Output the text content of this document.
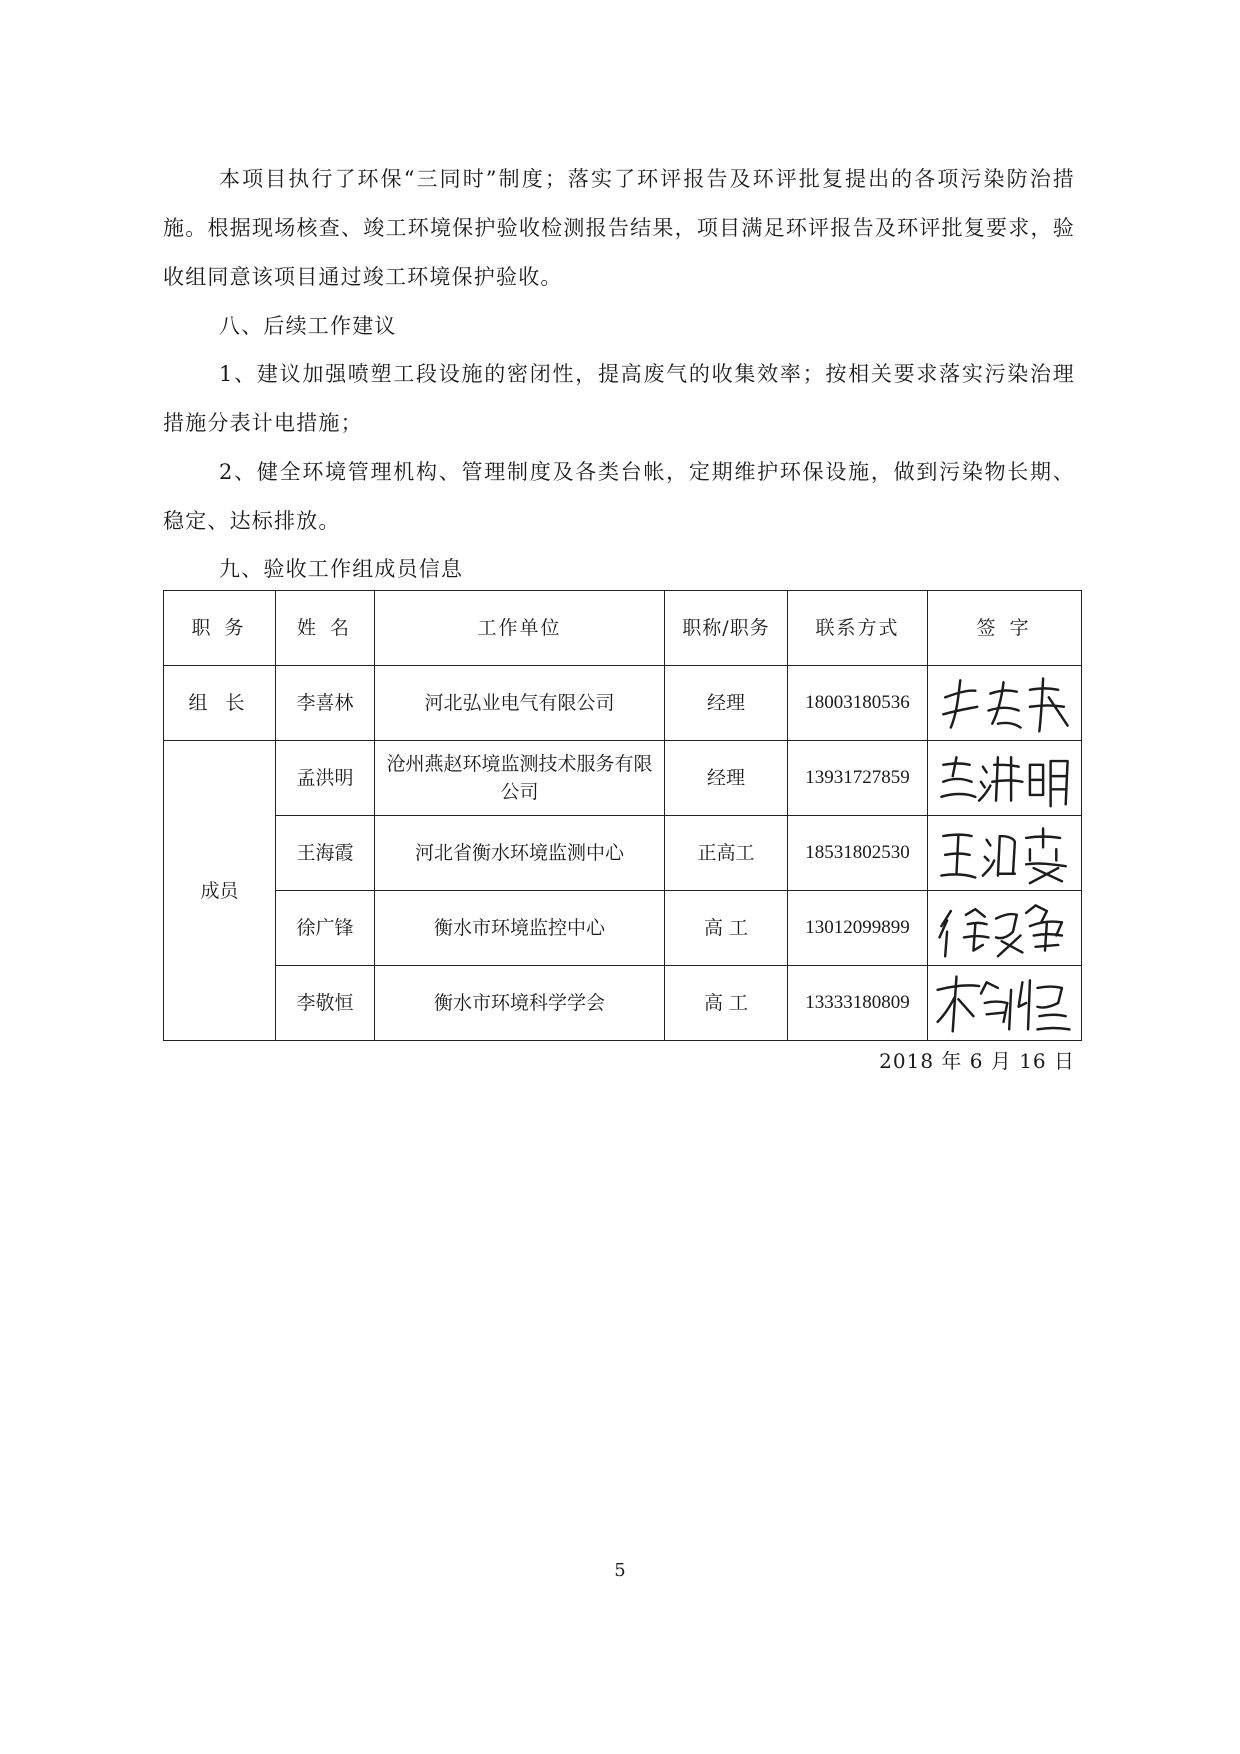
本项目执行了环保“三同时”制度；落实了环评报告及环评批复提出的各项污染防治措施。根据现场核查、竣工环境保护验收检测报告结果，项目满足环评报告及环评批复要求，验收组同意该项目通过竣工环境保护验收。

八、后续工作建议

1、建议加强喷塑工段设施的密闭性，提高废气的收集效率；按相关要求落实污染治理措施分表计电措施；

2、健全环境管理机构、管理制度及各类台帐，定期维护环保设施，做到污染物长期、稳定、达标排放。

九、验收工作组成员信息

职 务	姓 名	工作单位	职称/职务	联系方式	签 字
组 长	李喜林	河北弘业电气有限公司	经理	18003180536	

成员	孟洪明	沧州燕赵环境监测技术服务有限公司	经理	13931727859	

	王海霞	河北省衡水环境监测中心	正高工	18531802530	

	徐广锋	衡水市环境监控中心	高 工	13012099899	

	李敬恒	衡水市环境科学学会	高 工	13333180809	
2018 年 6 月 16 日
5
